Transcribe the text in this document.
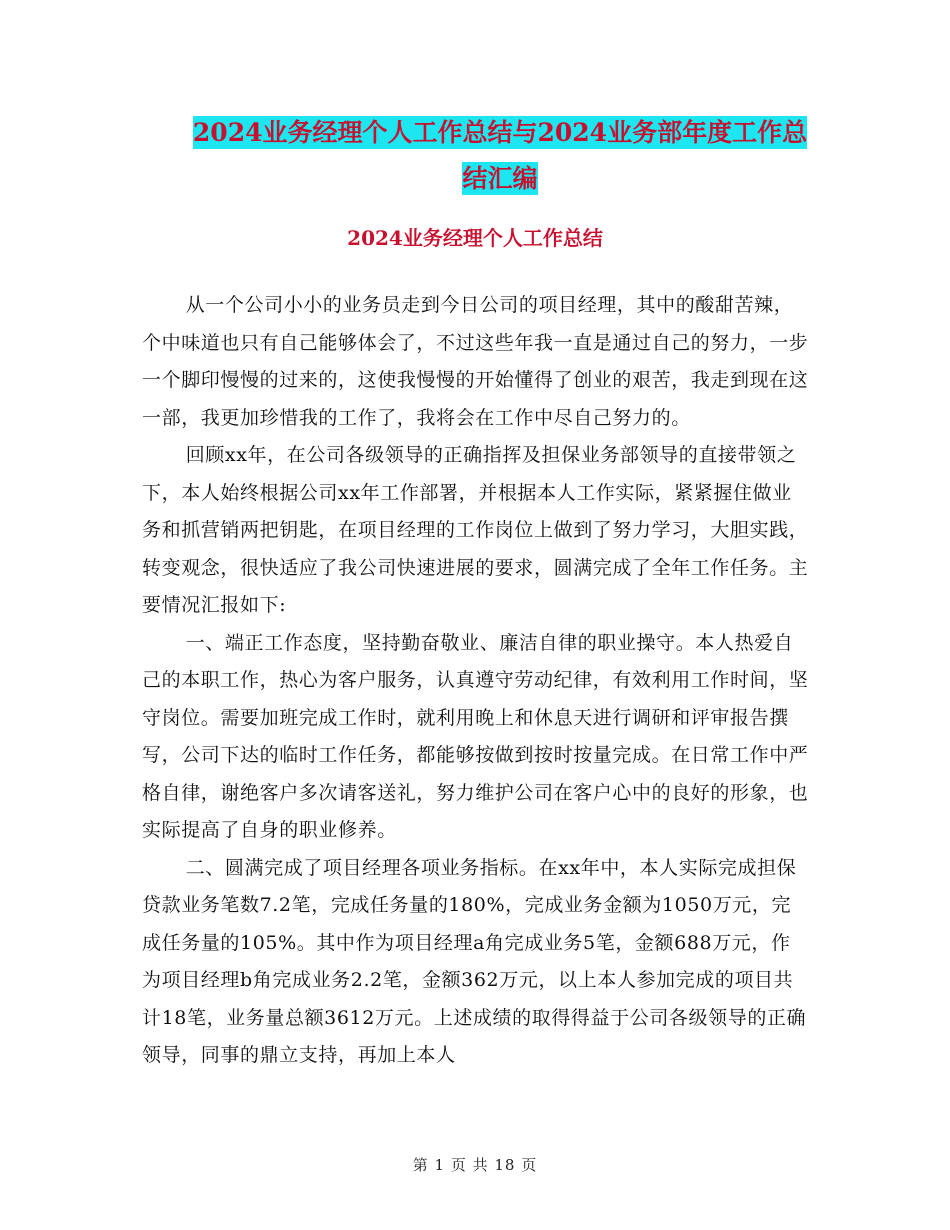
2024业务经理个人工作总结与2024业务部年度工作总
结汇编
2024业务经理个人工作总结

从一个公司小小的业务员走到今日公司的项目经理，其中的酸甜苦辣，个中味道也只有自己能够体会了，不过这些年我一直是通过自己的努力，一步一个脚印慢慢的过来的，这使我慢慢的开始懂得了创业的艰苦，我走到现在这一部，我更加珍惜我的工作了，我将会在工作中尽自己努力的。

回顾xx年，在公司各级领导的正确指挥及担保业务部领导的直接带领之下，本人始终根据公司xx年工作部署，并根据本人工作实际，紧紧握住做业务和抓营销两把钥匙，在项目经理的工作岗位上做到了努力学习，大胆实践，转变观念，很快适应了我公司快速进展的要求，圆满完成了全年工作任务。主要情况汇报如下:

一、端正工作态度，坚持勤奋敬业、廉洁自律的职业操守。本人热爱自己的本职工作，热心为客户服务，认真遵守劳动纪律，有效利用工作时间，坚守岗位。需要加班完成工作时，就利用晚上和休息天进行调研和评审报告撰写，公司下达的临时工作任务，都能够按做到按时按量完成。在日常工作中严格自律，谢绝客户多次请客送礼，努力维护公司在客户心中的良好的形象，也实际提高了自身的职业修养。

二、圆满完成了项目经理各项业务指标。在xx年中，本人实际完成担保贷款业务笔数7.2笔，完成任务量的180%，完成业务金额为1050万元，完成任务量的105%。其中作为项目经理a角完成业务5笔，金额688万元，作为项目经理b角完成业务2.2笔，金额362万元，以上本人参加完成的项目共计18笔，业务量总额3612万元。上述成绩的取得得益于公司各级领导的正确领导，同事的鼎立支持，再加上本人

第 1 页 共 18 页
